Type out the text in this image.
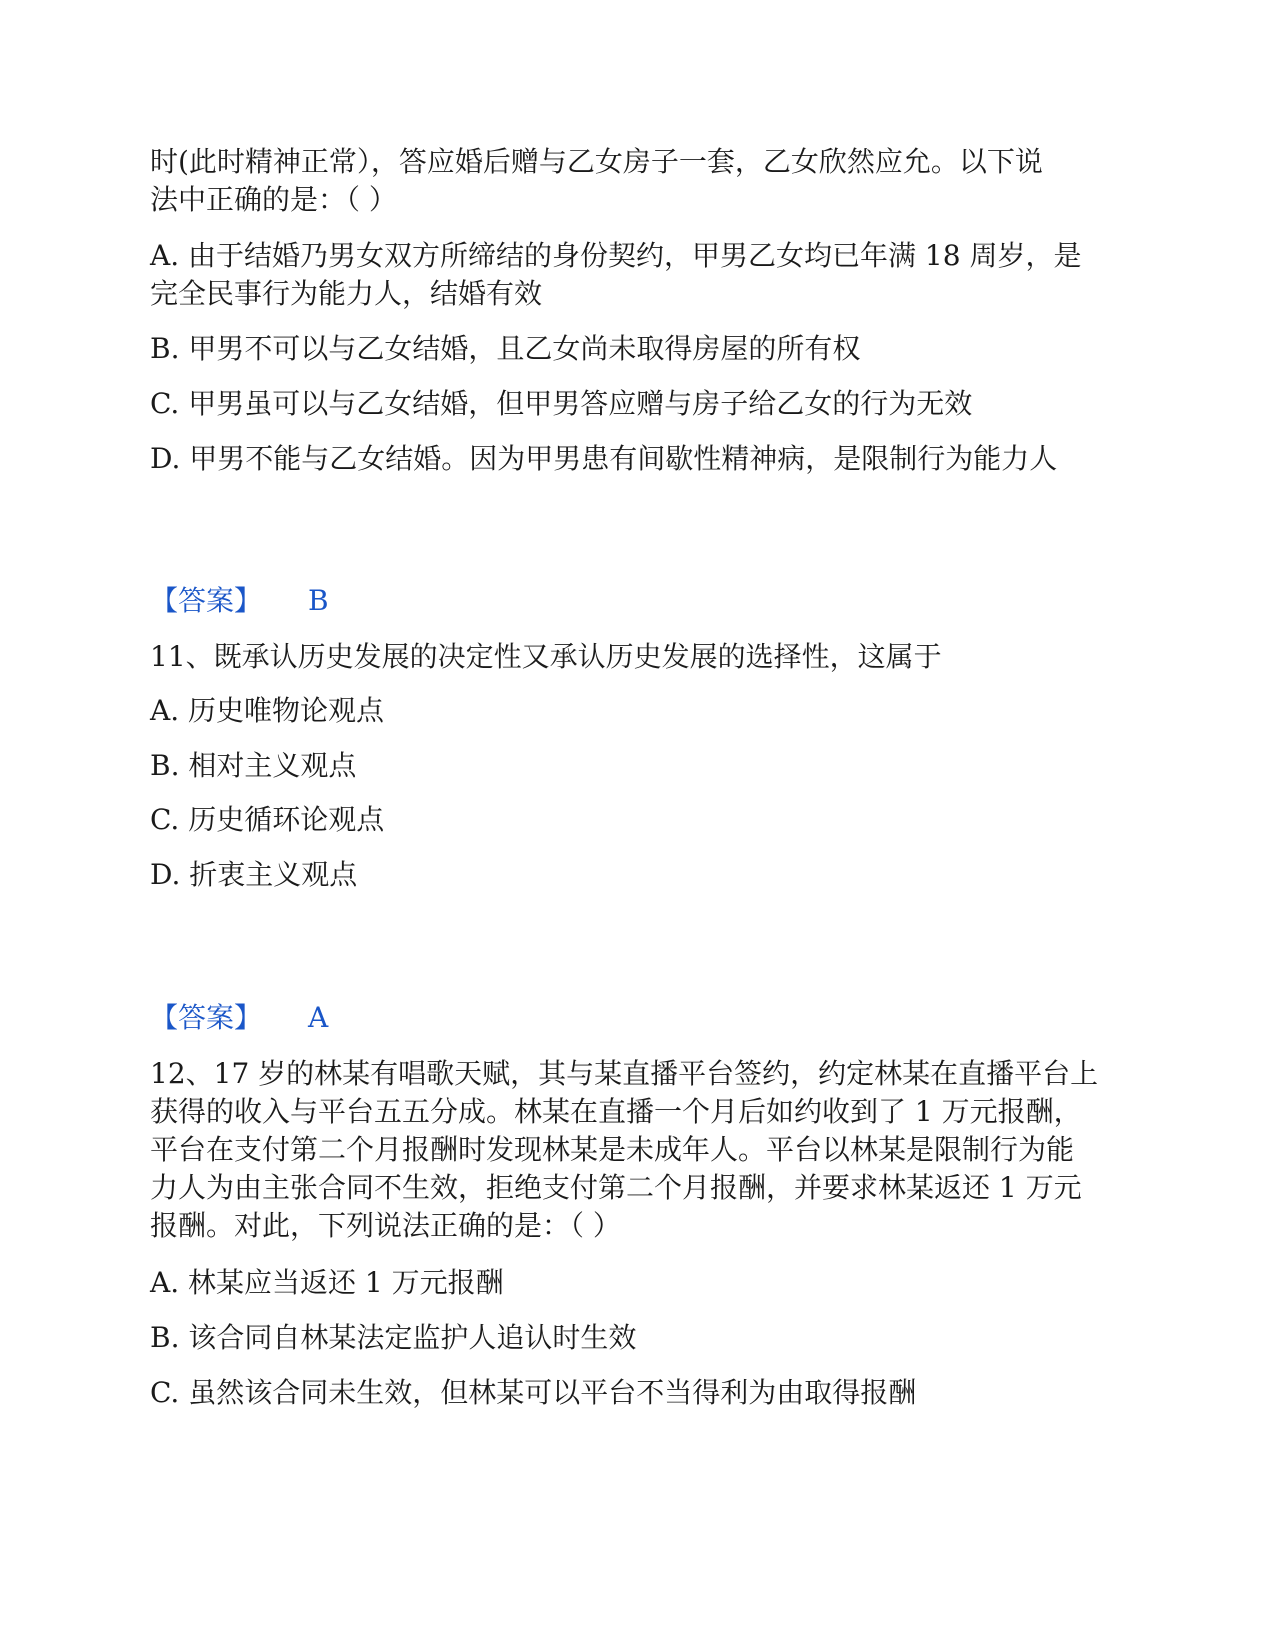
时(此时精神正常），答应婚后赠与乙女房子一套，乙女欣然应允。以下说
法中正确的是：（ ）
A. 由于结婚乃男女双方所缔结的身份契约，甲男乙女均已年满 18 周岁，是
完全民事行为能力人，结婚有效
B. 甲男不可以与乙女结婚，且乙女尚未取得房屋的所有权
C. 甲男虽可以与乙女结婚，但甲男答应赠与房子给乙女的行为无效
D. 甲男不能与乙女结婚。因为甲男患有间歇性精神病，是限制行为能力人
【答案】 B
11、既承认历史发展的决定性又承认历史发展的选择性，这属于
A. 历史唯物论观点
B. 相对主义观点
C. 历史循环论观点
D. 折衷主义观点
【答案】 A
12、17 岁的林某有唱歌天赋，其与某直播平台签约，约定林某在直播平台上
获得的收入与平台五五分成。林某在直播一个月后如约收到了 1 万元报酬，
平台在支付第二个月报酬时发现林某是未成年人。平台以林某是限制行为能
力人为由主张合同不生效，拒绝支付第二个月报酬，并要求林某返还 1 万元
报酬。对此，下列说法正确的是：（ ）
A. 林某应当返还 1 万元报酬
B. 该合同自林某法定监护人追认时生效
C. 虽然该合同未生效，但林某可以平台不当得利为由取得报酬
